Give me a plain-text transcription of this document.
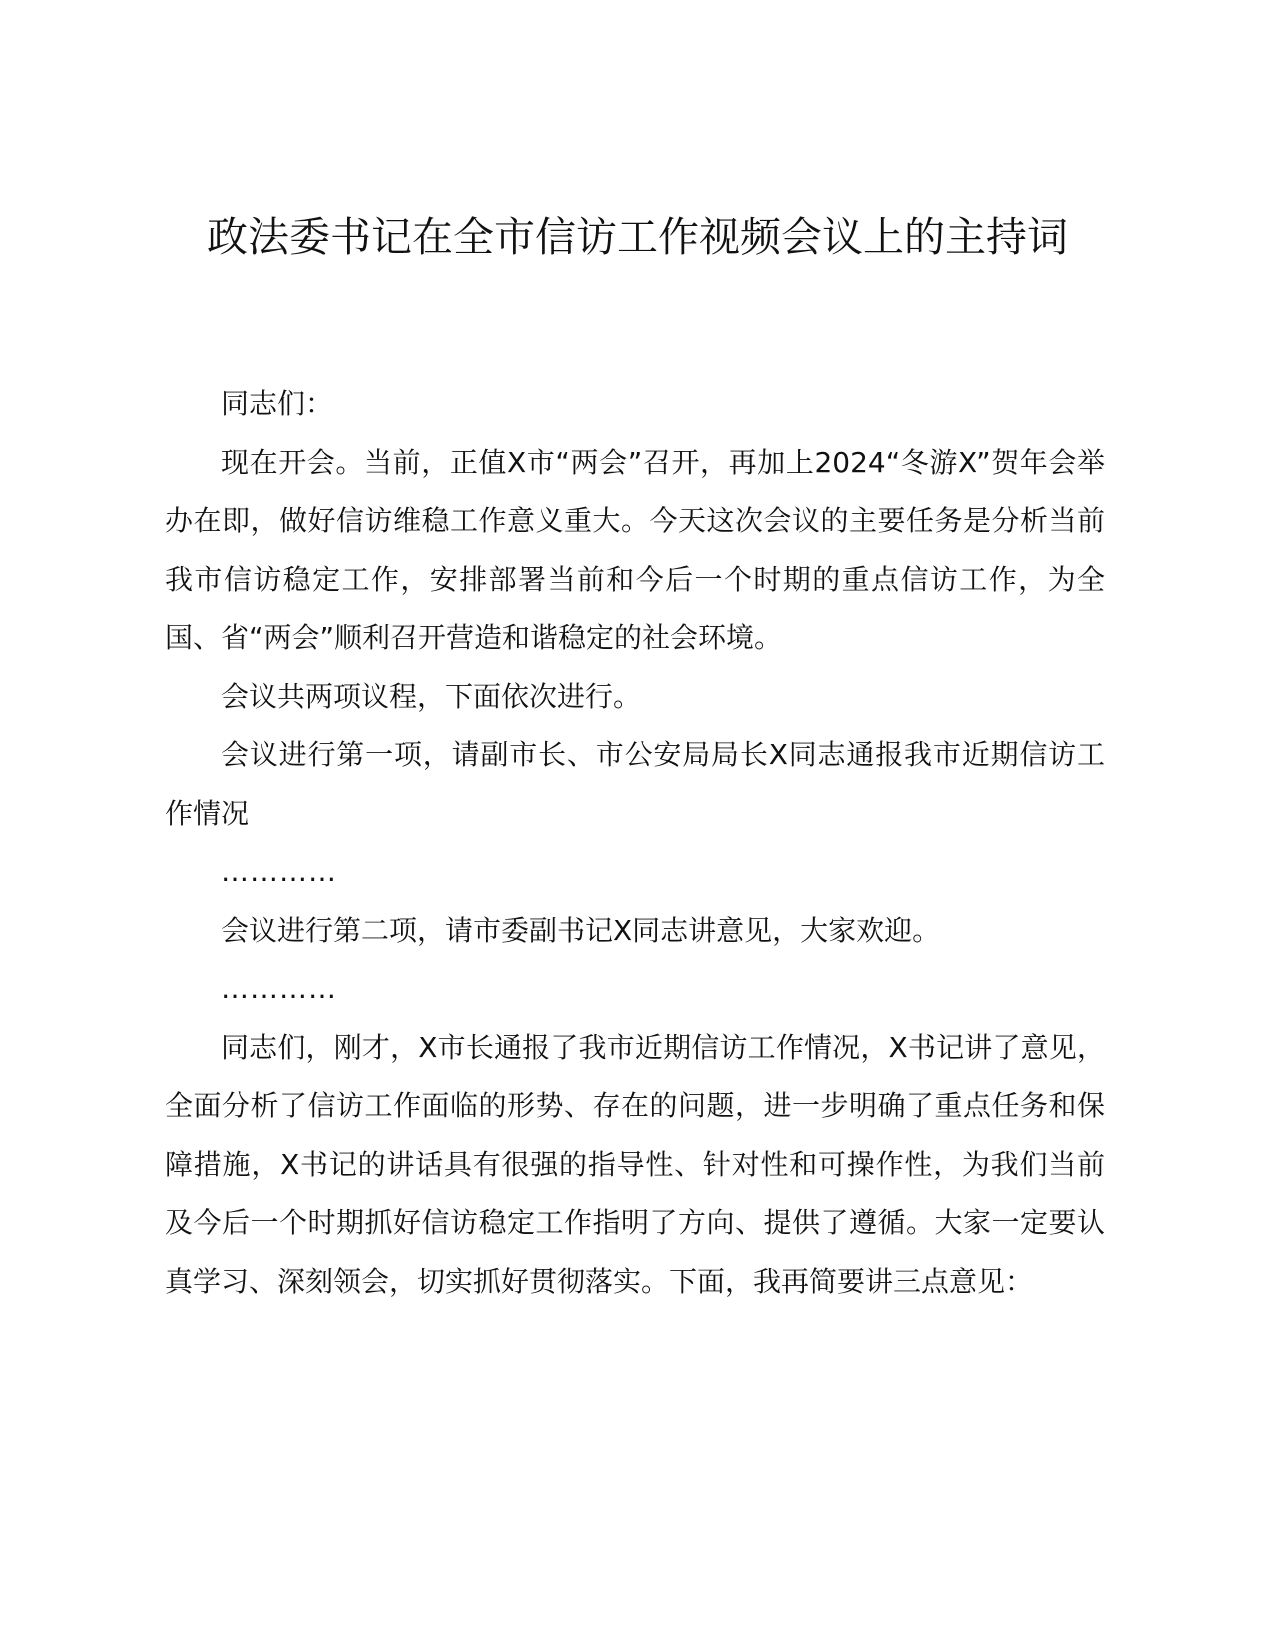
政法委书记在全市信访工作视频会议上的主持词

同志们：

现在开会。当前，正值X市“两会”召开，再加上2024“冬游X”贺年会举办在即，做好信访维稳工作意义重大。今天这次会议的主要任务是分析当前我市信访稳定工作，安排部署当前和今后一个时期的重点信访工作，为全国、省“两会”顺利召开营造和谐稳定的社会环境。

会议共两项议程，下面依次进行。

会议进行第一项，请副市长、市公安局局长X同志通报我市近期信访工作情况

…………

会议进行第二项，请市委副书记X同志讲意见，大家欢迎。

…………

同志们，刚才，X市长通报了我市近期信访工作情况，X书记讲了意见，全面分析了信访工作面临的形势、存在的问题，进一步明确了重点任务和保障措施，X书记的讲话具有很强的指导性、针对性和可操作性，为我们当前及今后一个时期抓好信访稳定工作指明了方向、提供了遵循。大家一定要认真学习、深刻领会，切实抓好贯彻落实。下面，我再简要讲三点意见：
